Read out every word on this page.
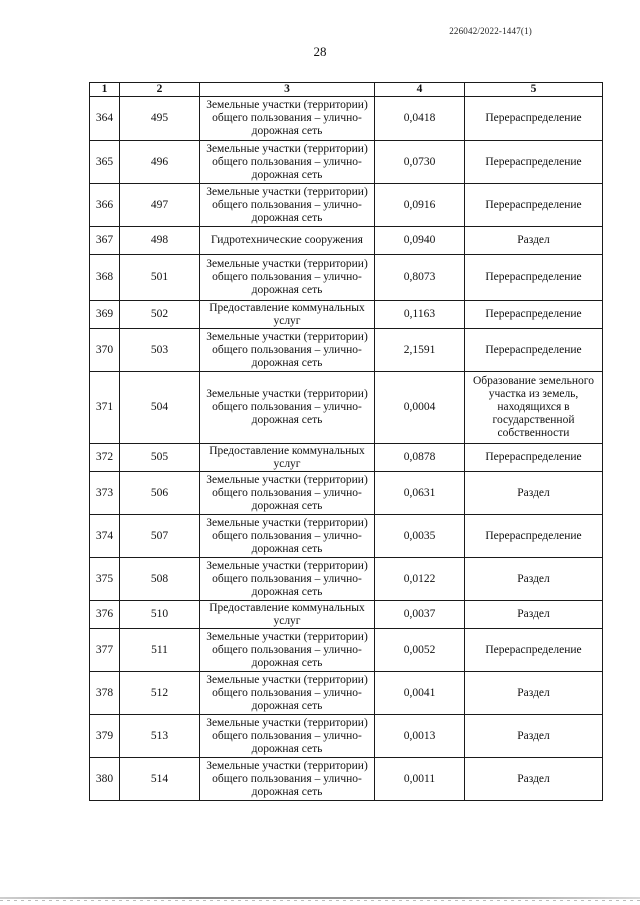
226042/2022-1447(1)
28
1	2	3	4	5
364	495	Земельные участки (территории) общего пользования – улично-дорожная сеть	0,0418	Перераспределение
365	496	Земельные участки (территории) общего пользования – улично-дорожная сеть	0,0730	Перераспределение
366	497	Земельные участки (территории) общего пользования – улично-дорожная сеть	0,0916	Перераспределение
367	498	Гидротехнические сооружения	0,0940	Раздел
368	501	Земельные участки (территории) общего пользования – улично-дорожная сеть	0,8073	Перераспределение
369	502	Предоставление коммунальных услуг	0,1163	Перераспределение
370	503	Земельные участки (территории) общего пользования – улично-дорожная сеть	2,1591	Перераспределение
371	504	Земельные участки (территории) общего пользования – улично-дорожная сеть	0,0004	Образование земельного участка из земель, находящихся в государственной собственности
372	505	Предоставление коммунальных услуг	0,0878	Перераспределение
373	506	Земельные участки (территории) общего пользования – улично-дорожная сеть	0,0631	Раздел
374	507	Земельные участки (территории) общего пользования – улично-дорожная сеть	0,0035	Перераспределение
375	508	Земельные участки (территории) общего пользования – улично-дорожная сеть	0,0122	Раздел
376	510	Предоставление коммунальных услуг	0,0037	Раздел
377	511	Земельные участки (территории) общего пользования – улично-дорожная сеть	0,0052	Перераспределение
378	512	Земельные участки (территории) общего пользования – улично-дорожная сеть	0,0041	Раздел
379	513	Земельные участки (территории) общего пользования – улично-дорожная сеть	0,0013	Раздел
380	514	Земельные участки (территории) общего пользования – улично-дорожная сеть	0,0011	Раздел
